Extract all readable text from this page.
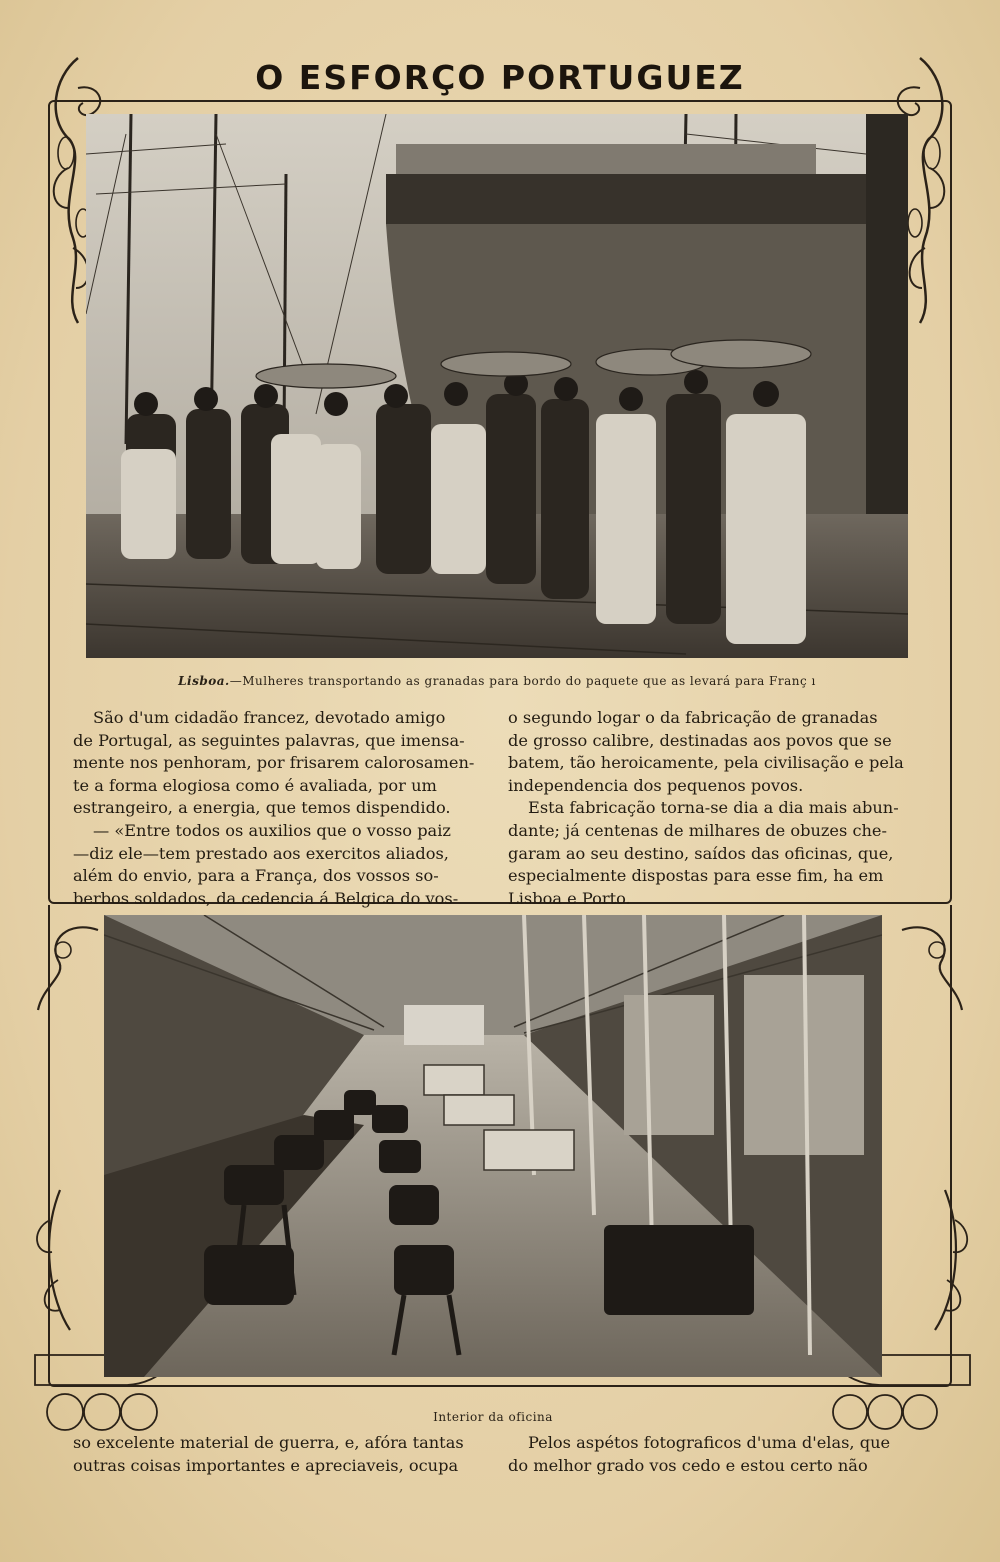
O ESFORÇO PORTUGUEZ
Lisboa.—Mulheres transportando as granadas para bordo do paquete que as levará para Franç ı

São d'um cidadão francez, devotado amigo

de Portugal, as seguintes palavras, que imensa-
mente nos penhoram, por frisarem calorosamen-
te a forma elogiosa como é avaliada, por um
estrangeiro, a energia, que temos dispendido.

— «Entre todos os auxilios que o vosso paiz

—diz ele—tem prestado aos exercitos aliados,
além do envio, para a França, dos vossos so-
berbos soldados, da cedencia á Belgica do vos-

o segundo logar o da fabricação de granadas
de grosso calibre, destinadas aos povos que se
batem, tão heroicamente, pela civilisação e pela
independencia dos pequenos povos.

Esta fabricação torna-se dia a dia mais abun-

dante; já centenas de milhares de obuzes che-
garam ao seu destino, saídos das oficinas, que,
especialmente dispostas para esse fim, ha em
Lisboa e Porto.

Interior da oficina

so excelente material de guerra, e, afóra tantas
outras coisas importantes e apreciaveis, ocupa

Pelos aspétos fotograficos d'uma d'elas, que

do melhor grado vos cedo e estou certo não
